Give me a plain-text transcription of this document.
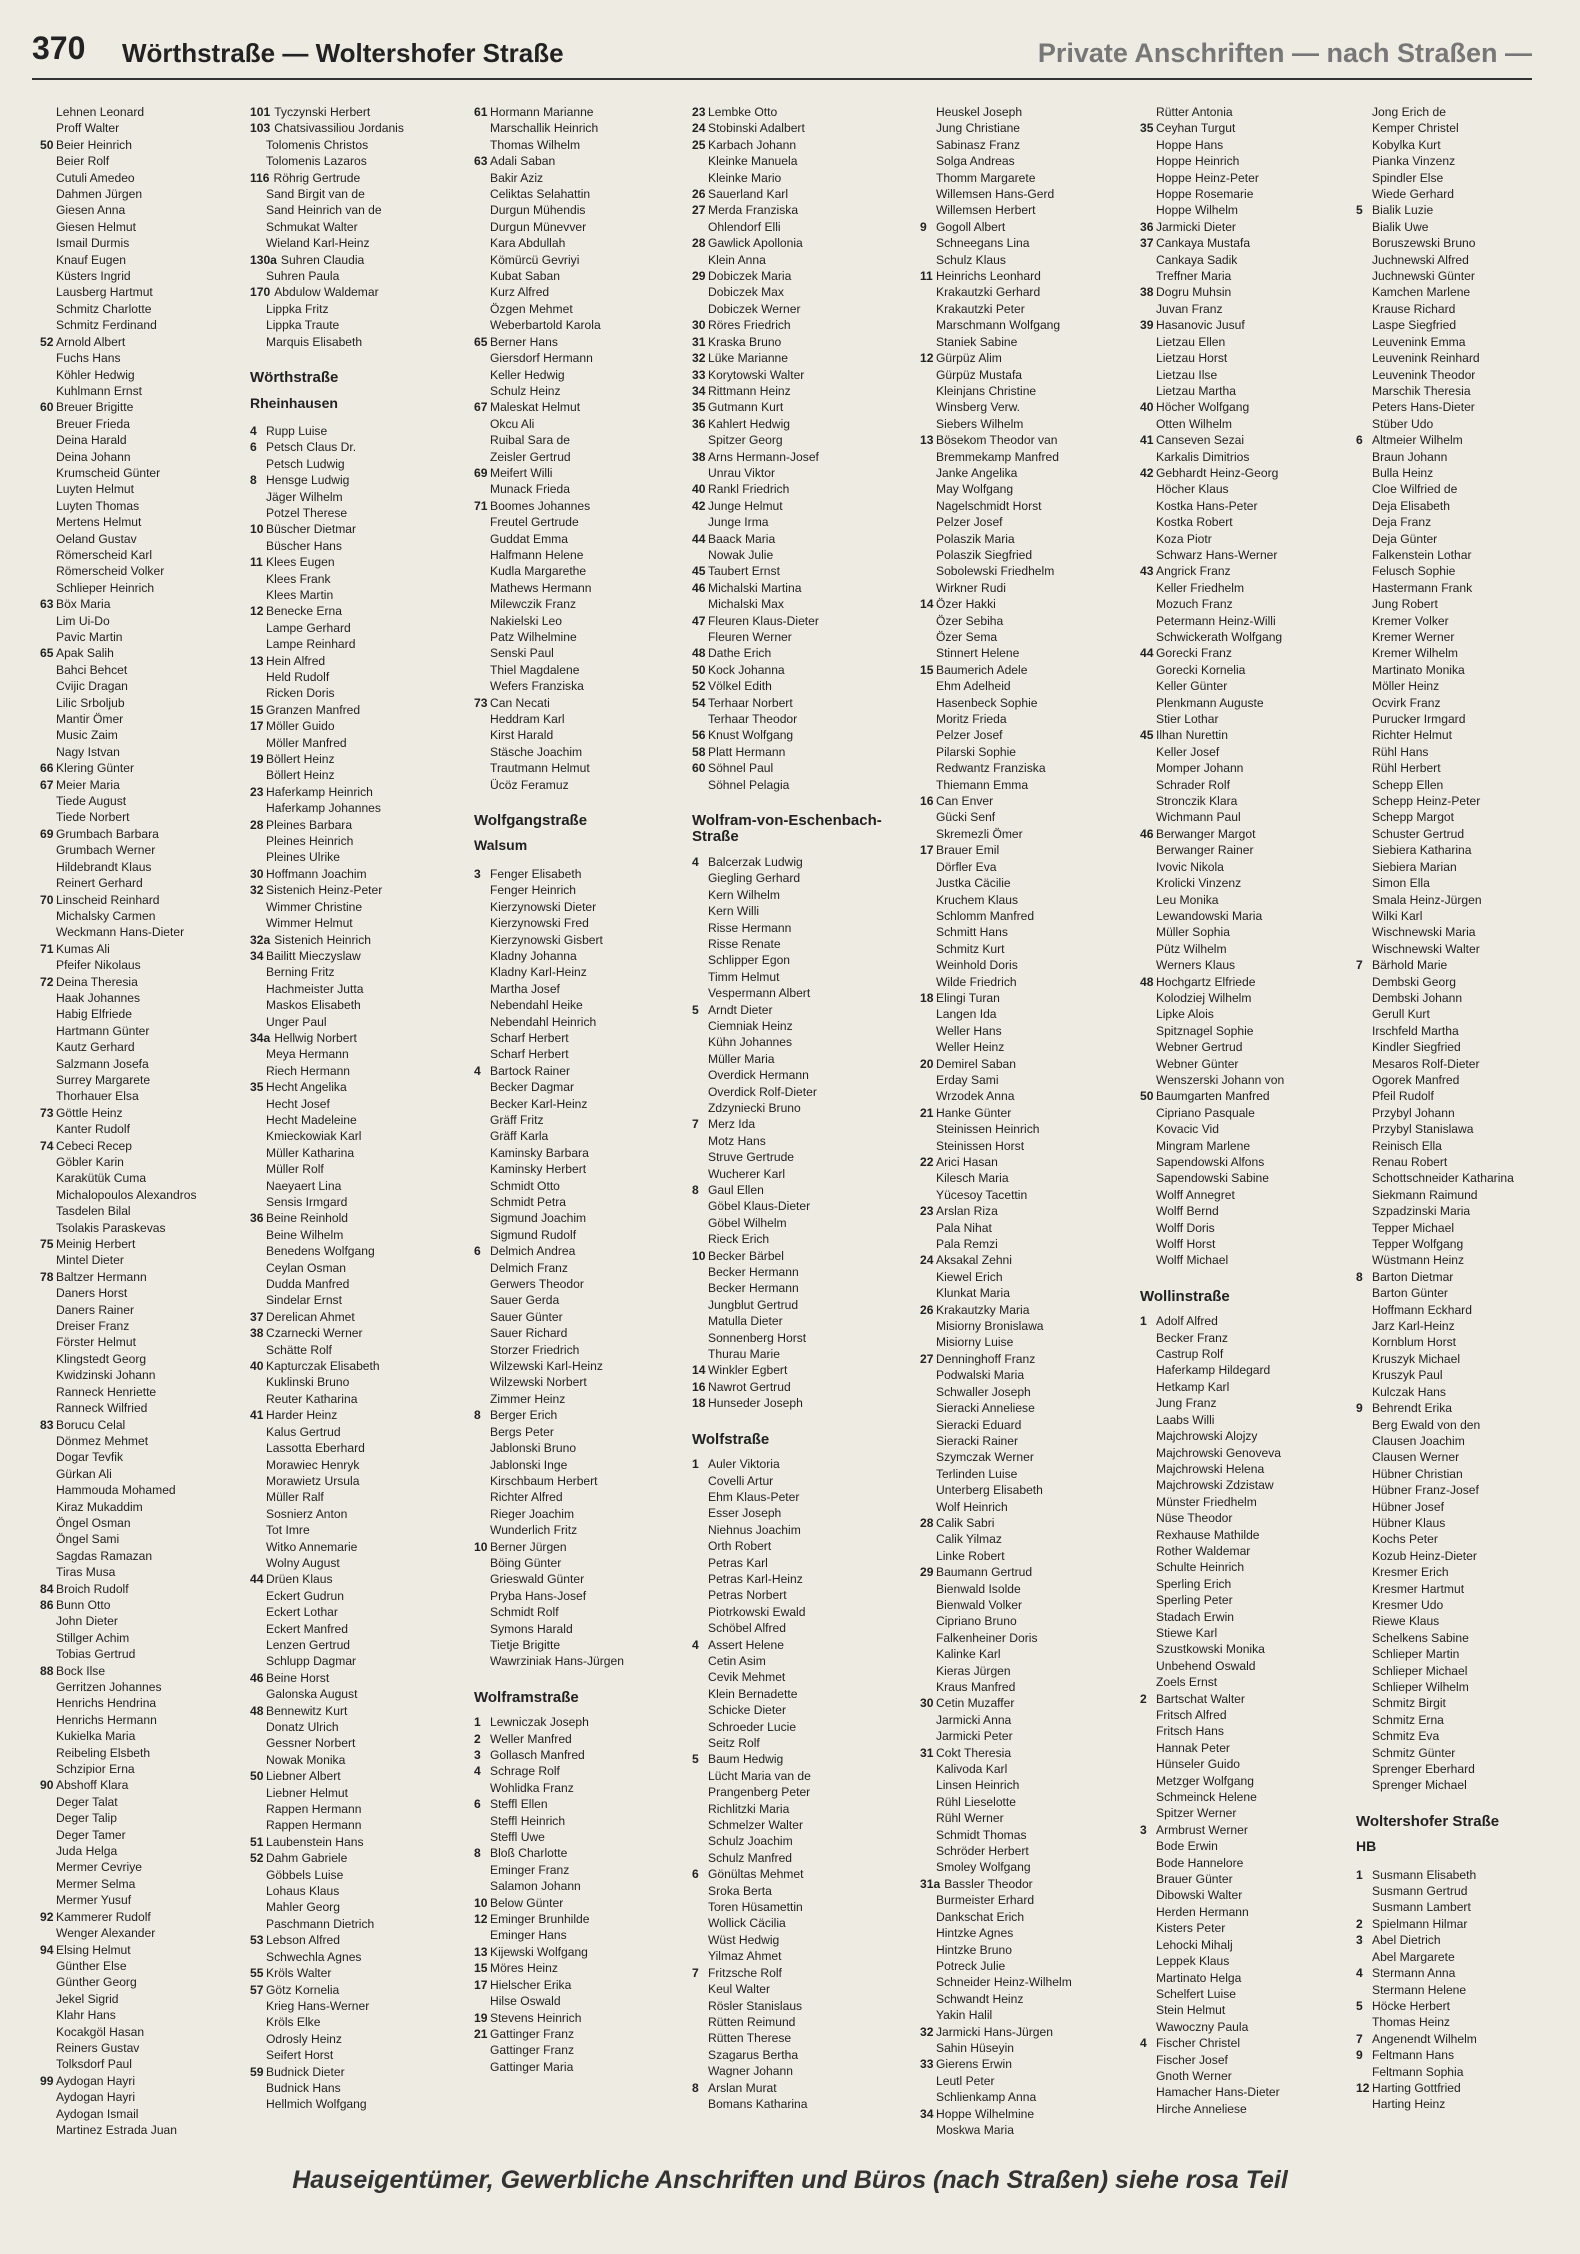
370 Wörthstraße — Woltershofer Straße	Private Anschriften — nach Straßen —
Lehnen Leonard
Proff Walter
50 Beier Heinrich
Beier Rolf
Cutuli Amedeo
Dahmen Jürgen
Giesen Anna
Giesen Helmut
Ismail Durmis
Knauf Eugen
Küsters Ingrid
Lausberg Hartmut
Schmitz Charlotte
Schmitz Ferdinand
52 Arnold Albert
Fuchs Hans
Köhler Hedwig
Kuhlmann Ernst
60 Breuer Brigitte
Breuer Frieda
Deina Harald
Deina Johann
Krumscheid Günter
Luyten Helmut
Luyten Thomas
Mertens Helmut
Oeland Gustav
Römerscheid Karl
Römerscheid Volker
Schlieper Heinrich
63 Böx Maria
Lim Ui-Do
Pavic Martin
65 Apak Salih
Bahci Behcet
Cvijic Dragan
Lilic Srboljub
Mantir Ömer
Music Zaim
Nagy Istvan
66 Klering Günter
67 Meier Maria
Tiede August
Tiede Norbert
69 Grumbach Barbara
Grumbach Werner
Hildebrandt Klaus
Reinert Gerhard
70 Linscheid Reinhard
Michalsky Carmen
Weckmann Hans-Dieter
71 Kumas Ali
Pfeifer Nikolaus
72 Deina Theresia
Haak Johannes
Habig Elfriede
Hartmann Günter
Kautz Gerhard
Salzmann Josefa
Surrey Margarete
Thorhauer Elsa
73 Göttle Heinz
Kanter Rudolf
74 Cebeci Recep
Göbler Karin
Karakütük Cuma
Michalopoulos Alexandros
Tasdelen Bilal
Tsolakis Paraskevas
75 Meinig Herbert
Mintel Dieter
78 Baltzer Hermann
Daners Horst
Daners Rainer
Dreiser Franz
Förster Helmut
Klingstedt Georg
Kwidzinski Johann
Ranneck Henriette
Ranneck Wilfried
83 Borucu Celal
Dönmez Mehmet
Dogar Tevfik
Gürkan Ali
Hammouda Mohamed
Kiraz Mukaddim
Öngel Osman
Öngel Sami
Sagdas Ramazan
Tiras Musa
84 Broich Rudolf
86 Bunn Otto
John Dieter
Stillger Achim
Tobias Gertrud
88 Bock Ilse
Gerritzen Johannes
Henrichs Hendrina
Henrichs Hermann
Kukielka Maria
Reibeling Elsbeth
Schzipior Erna
90 Abshoff Klara
Deger Talat
Deger Talip
Deger Tamer
Juda Helga
Mermer Cevriye
Mermer Selma
Mermer Yusuf
92 Kammerer Rudolf
Wenger Alexander
94 Elsing Helmut
Günther Else
Günther Georg
Jekel Sigrid
Klahr Hans
Kocakgöl Hasan
Reiners Gustav
Tolksdorf Paul
99 Aydogan Hayri
Aydogan Hayri
Aydogan Ismail
Martinez Estrada Juan
101 Tyczynski Herbert
103 Chatsivassiliou Jordanis
Tolomenis Christos
Tolomenis Lazaros
116 Röhrig Gertrude
Sand Birgit van de
Sand Heinrich van de
Schmukat Walter
Wieland Karl-Heinz
130a Suhren Claudia
Suhren Paula
170 Abdulow Waldemar
Lippka Fritz
Lippka Traute
Marquis Elisabeth
Wörthstraße
Rheinhausen
4 Rupp Luise
6 Petsch Claus Dr.
Petsch Ludwig
8 Hensge Ludwig
Jäger Wilhelm
Potzel Therese
10 Büscher Dietmar
Büscher Hans
11 Klees Eugen
Klees Frank
Klees Martin
12 Benecke Erna
Lampe Gerhard
Lampe Reinhard
13 Hein Alfred
Held Rudolf
Ricken Doris
15 Granzen Manfred
17 Möller Guido
Möller Manfred
19 Böllert Heinz
Böllert Heinz
23 Haferkamp Heinrich
Haferkamp Johannes
28 Pleines Barbara
Pleines Heinrich
Pleines Ulrike
30 Hoffmann Joachim
32 Sistenich Heinz-Peter
Wimmer Christine
Wimmer Helmut
32a Sistenich Heinrich
34 Bailitt Mieczyslaw
Berning Fritz
Hachmeister Jutta
Maskos Elisabeth
Unger Paul
34a Hellwig Norbert
Meya Hermann
Riech Hermann
35 Hecht Angelika
Hecht Josef
Hecht Madeleine
Kmieckowiak Karl
Müller Katharina
Müller Rolf
Naeyaert Lina
Sensis Irmgard
36 Beine Reinhold
Beine Wilhelm
Benedens Wolfgang
Ceylan Osman
Dudda Manfred
Sindelar Ernst
37 Derelican Ahmet
38 Czarnecki Werner
Schätte Rolf
40 Kapturczak Elisabeth
Kuklinski Bruno
Reuter Katharina
41 Harder Heinz
Kalus Gertrud
Lassotta Eberhard
Morawiec Henryk
Morawietz Ursula
Müller Ralf
Sosnierz Anton
Tot Imre
Witko Annemarie
Wolny August
44 Drüen Klaus
Eckert Gudrun
Eckert Lothar
Eckert Manfred
Lenzen Gertrud
Schlupp Dagmar
46 Beine Horst
Galonska August
48 Bennewitz Kurt
Donatz Ulrich
Gessner Norbert
Nowak Monika
50 Liebner Albert
Liebner Helmut
Rappen Hermann
Rappen Hermann
51 Laubenstein Hans
52 Dahm Gabriele
Göbbels Luise
Lohaus Klaus
Mahler Georg
Paschmann Dietrich
53 Lebson Alfred
Schwechla Agnes
55 Kröls Walter
57 Götz Kornelia
Krieg Hans-Werner
Kröls Elke
Odrosly Heinz
Seifert Horst
59 Budnick Dieter
Budnick Hans
Hellmich Wolfgang
61 Hormann Marianne
Marschallik Heinrich
Thomas Wilhelm
63 Adali Saban
Bakir Aziz
Celiktas Selahattin
Durgun Mühendis
Durgun Münevver
Kara Abdullah
Kömürcü Gevriyi
Kubat Saban
Kurz Alfred
Özgen Mehmet
Weberbartold Karola
65 Berner Hans
Giersdorf Hermann
Keller Hedwig
Schulz Heinz
67 Maleskat Helmut
Okcu Ali
Ruibal Sara de
Zeisler Gertrud
69 Meifert Willi
Munack Frieda
71 Boomes Johannes
Freutel Gertrude
Guddat Emma
Halfmann Helene
Kudla Margarethe
Mathews Hermann
Milewczik Franz
Nakielski Leo
Patz Wilhelmine
Senski Paul
Thiel Magdalene
Wefers Franziska
73 Can Necati
Heddram Karl
Kirst Harald
Stäsche Joachim
Trautmann Helmut
Ücöz Feramuz
Wolfgangstraße
Walsum
3 Fenger Elisabeth
Fenger Heinrich
Kierzynowski Dieter
Kierzynowski Fred
Kierzynowski Gisbert
Kladny Johanna
Kladny Karl-Heinz
Martha Josef
Nebendahl Heike
Nebendahl Heinrich
Scharf Herbert
Scharf Herbert
4 Bartock Rainer
Becker Dagmar
Becker Karl-Heinz
Gräff Fritz
Gräff Karla
Kaminsky Barbara
Kaminsky Herbert
Schmidt Otto
Schmidt Petra
Sigmund Joachim
Sigmund Rudolf
6 Delmich Andrea
Delmich Franz
Gerwers Theodor
Sauer Gerda
Sauer Günter
Sauer Richard
Storzer Friedrich
Wilzewski Karl-Heinz
Wilzewski Norbert
Zimmer Heinz
8 Berger Erich
Bergs Peter
Jablonski Bruno
Jablonski Inge
Kirschbaum Herbert
Richter Alfred
Rieger Joachim
Wunderlich Fritz
10 Berner Jürgen
Böing Günter
Grieswald Günter
Pryba Hans-Josef
Schmidt Rolf
Symons Harald
Tietje Brigitte
Wawrziniak Hans-Jürgen
Wolframstraße
1 Lewniczak Joseph
2 Weller Manfred
3 Gollasch Manfred
4 Schrage Rolf
Wohlidka Franz
6 Steffl Ellen
Steffl Heinrich
Steffl Uwe
8 Bloß Charlotte
Eminger Franz
Salamon Johann
10 Below Günter
12 Eminger Brunhilde
Eminger Hans
13 Kijewski Wolfgang
15 Möres Heinz
17 Hielscher Erika
Hilse Oswald
19 Stevens Heinrich
21 Gattinger Franz
Gattinger Franz
Gattinger Maria
23 Lembke Otto
24 Stobinski Adalbert
25 Karbach Johann
Kleinke Manuela
Kleinke Mario
26 Sauerland Karl
27 Merda Franziska
Ohlendorf Elli
28 Gawlick Apollonia
Klein Anna
29 Dobiczek Maria
Dobiczek Max
Dobiczek Werner
30 Röres Friedrich
31 Kraska Bruno
32 Lüke Marianne
33 Korytowski Walter
34 Rittmann Heinz
35 Gutmann Kurt
36 Kahlert Hedwig
Spitzer Georg
38 Arns Hermann-Josef
Unrau Viktor
40 Rankl Friedrich
42 Junge Helmut
Junge Irma
44 Baack Maria
Nowak Julie
45 Taubert Ernst
46 Michalski Martina
Michalski Max
47 Fleuren Klaus-Dieter
Fleuren Werner
48 Dathe Erich
50 Kock Johanna
52 Völkel Edith
54 Terhaar Norbert
Terhaar Theodor
56 Knust Wolfgang
58 Platt Hermann
60 Söhnel Paul
Söhnel Pelagia
Wolfram-von-Eschenbach-Straße
4 Balcerzak Ludwig
Giegling Gerhard
Kern Wilhelm
Kern Willi
Risse Hermann
Risse Renate
Schlipper Egon
Timm Helmut
Vespermann Albert
5 Arndt Dieter
Ciemniak Heinz
Kühn Johannes
Müller Maria
Overdick Hermann
Overdick Rolf-Dieter
Zdzyniecki Bruno
7 Merz Ida
Motz Hans
Struve Gertrude
Wucherer Karl
8 Gaul Ellen
Göbel Klaus-Dieter
Göbel Wilhelm
Rieck Erich
10 Becker Bärbel
Becker Hermann
Becker Hermann
Jungblut Gertrud
Matulla Dieter
Sonnenberg Horst
Thurau Marie
14 Winkler Egbert
16 Nawrot Gertrud
18 Hunseder Joseph
Wolfstraße
1 Auler Viktoria
Covelli Artur
Ehm Klaus-Peter
Esser Joseph
Niehnus Joachim
Orth Robert
Petras Karl
Petras Karl-Heinz
Petras Norbert
Piotrkowski Ewald
Schöbel Alfred
4 Assert Helene
Cetin Asim
Cevik Mehmet
Klein Bernadette
Schicke Dieter
Schroeder Lucie
Seitz Rolf
5 Baum Hedwig
Lücht Maria van de
Prangenberg Peter
Richlitzki Maria
Schmelzer Walter
Schulz Joachim
Schulz Manfred
6 Gönültas Mehmet
Sroka Berta
Toren Hüsamettin
Wollick Cäcilia
Wüst Hedwig
Yilmaz Ahmet
7 Fritzsche Rolf
Keul Walter
Rösler Stanislaus
Rütten Reimund
Rütten Therese
Szagarus Bertha
Wagner Johann
8 Arslan Murat
Bomans Katharina
Heuskel Joseph
Jung Christiane
Sabinasz Franz
Solga Andreas
Thomm Margarete
Willemsen Hans-Gerd
Willemsen Herbert
9 Gogoll Albert
Schneegans Lina
Schulz Klaus
11 Heinrichs Leonhard
Krakautzki Gerhard
Krakautzki Peter
Marschmann Wolfgang
Staniek Sabine
12 Gürpüz Alim
Gürpüz Mustafa
Kleinjans Christine
Winsberg Verw.
Siebers Wilhelm
13 Bösekom Theodor van
Bremmekamp Manfred
Janke Angelika
May Wolfgang
Nagelschmidt Horst
Pelzer Josef
Polaszik Maria
Polaszik Siegfried
Sobolewski Friedhelm
Wirkner Rudi
14 Özer Hakki
Özer Sebiha
Özer Sema
Stinnert Helene
15 Baumerich Adele
Ehm Adelheid
Hasenbeck Sophie
Moritz Frieda
Pelzer Josef
Pilarski Sophie
Redwantz Franziska
Thiemann Emma
16 Can Enver
Gücki Senf
Skremezli Ömer
17 Brauer Emil
Dörfler Eva
Justka Cäcilie
Kruchem Klaus
Schlomm Manfred
Schmitt Hans
Schmitz Kurt
Weinhold Doris
Wilde Friedrich
18 Elingi Turan
Langen Ida
Weller Hans
Weller Heinz
20 Demirel Saban
Erday Sami
Wrzodek Anna
21 Hanke Günter
Steinissen Heinrich
Steinissen Horst
22 Arici Hasan
Kilesch Maria
Yücesoy Tacettin
23 Arslan Riza
Pala Nihat
Pala Remzi
24 Aksakal Zehni
Kiewel Erich
Klunkat Maria
26 Krakautzky Maria
Misiorny Bronislawa
Misiorny Luise
27 Denninghoff Franz
Podwalski Maria
Schwaller Joseph
Sieracki Anneliese
Sieracki Eduard
Sieracki Rainer
Szymczak Werner
Terlinden Luise
Unterberg Elisabeth
Wolf Heinrich
28 Calik Sabri
Calik Yilmaz
Linke Robert
29 Baumann Gertrud
Bienwald Isolde
Bienwald Volker
Cipriano Bruno
Falkenheiner Doris
Kalinke Karl
Kieras Jürgen
Kraus Manfred
30 Cetin Muzaffer
Jarmicki Anna
Jarmicki Peter
31 Cokt Theresia
Kalivoda Karl
Linsen Heinrich
Rühl Lieselotte
Rühl Werner
Schmidt Thomas
Schröder Herbert
Smoley Wolfgang
31a Bassler Theodor
Burmeister Erhard
Dankschat Erich
Hintzke Agnes
Hintzke Bruno
Potreck Julie
Schneider Heinz-Wilhelm
Schwandt Heinz
Yakin Halil
32 Jarmicki Hans-Jürgen
Sahin Hüseyin
33 Gierens Erwin
Leutl Peter
Schlienkamp Anna
34 Hoppe Wilhelmine
Moskwa Maria
Rütter Antonia
35 Ceyhan Turgut
Hoppe Hans
Hoppe Heinrich
Hoppe Heinz-Peter
Hoppe Rosemarie
Hoppe Wilhelm
36 Jarmicki Dieter
37 Cankaya Mustafa
Cankaya Sadik
Treffner Maria
38 Dogru Muhsin
Juvan Franz
39 Hasanovic Jusuf
Lietzau Ellen
Lietzau Horst
Lietzau Ilse
Lietzau Martha
40 Höcher Wolfgang
Otten Wilhelm
41 Canseven Sezai
Karkalis Dimitrios
42 Gebhardt Heinz-Georg
Höcher Klaus
Kostka Hans-Peter
Kostka Robert
Koza Piotr
Schwarz Hans-Werner
43 Angrick Franz
Keller Friedhelm
Mozuch Franz
Petermann Heinz-Willi
Schwickerath Wolfgang
44 Gorecki Franz
Gorecki Kornelia
Keller Günter
Plenkmann Auguste
Stier Lothar
45 Ilhan Nurettin
Keller Josef
Momper Johann
Schrader Rolf
Stronczik Klara
Wichmann Paul
46 Berwanger Margot
Berwanger Rainer
Ivovic Nikola
Krolicki Vinzenz
Leu Monika
Lewandowski Maria
Müller Sophia
Pütz Wilhelm
Werners Klaus
48 Hochgartz Elfriede
Kolodziej Wilhelm
Lipke Alois
Spitznagel Sophie
Webner Gertrud
Webner Günter
Wenszerski Johann von
50 Baumgarten Manfred
Cipriano Pasquale
Kovacic Vid
Mingram Marlene
Sapendowski Alfons
Sapendowski Sabine
Wolff Annegret
Wolff Bernd
Wolff Doris
Wolff Horst
Wolff Michael
Wollinstraße
1 Adolf Alfred
Becker Franz
Castrup Rolf
Haferkamp Hildegard
Hetkamp Karl
Jung Franz
Laabs Willi
Majchrowski Alojzy
Majchrowski Genoveva
Majchrowski Helena
Majchrowski Zdzistaw
Münster Friedhelm
Nüse Theodor
Rexhause Mathilde
Rother Waldemar
Schulte Heinrich
Sperling Erich
Sperling Peter
Stadach Erwin
Stiewe Karl
Szustkowski Monika
Unbehend Oswald
Zoels Ernst
2 Bartschat Walter
Fritsch Alfred
Fritsch Hans
Hannak Peter
Hünseler Guido
Metzger Wolfgang
Schmeinck Helene
Spitzer Werner
3 Armbrust Werner
Bode Erwin
Bode Hannelore
Brauer Günter
Dibowski Walter
Herden Hermann
Kisters Peter
Lehocki Mihalj
Leppek Klaus
Martinato Helga
Schelfert Luise
Stein Helmut
Wawoczny Paula
4 Fischer Christel
Fischer Josef
Gnoth Werner
Hamacher Hans-Dieter
Hirche Anneliese
Jong Erich de
Kemper Christel
Kobylka Kurt
Pianka Vinzenz
Spindler Else
Wiede Gerhard
5 Bialik Luzie
Bialik Uwe
Boruszewski Bruno
Juchnewski Alfred
Juchnewski Günter
Kamchen Marlene
Krause Richard
Laspe Siegfried
Leuvenink Emma
Leuvenink Reinhard
Leuvenink Theodor
Marschik Theresia
Peters Hans-Dieter
Stüber Udo
6 Altmeier Wilhelm
Braun Johann
Bulla Heinz
Cloe Wilfried de
Deja Elisabeth
Deja Franz
Deja Günter
Falkenstein Lothar
Felusch Sophie
Hastermann Frank
Jung Robert
Kremer Volker
Kremer Werner
Kremer Wilhelm
Martinato Monika
Möller Heinz
Ocvirk Franz
Purucker Irmgard
Richter Helmut
Rühl Hans
Rühl Herbert
Schepp Ellen
Schepp Heinz-Peter
Schepp Margot
Schuster Gertrud
Siebiera Katharina
Siebiera Marian
Simon Ella
Smala Heinz-Jürgen
Wilki Karl
Wischnewski Maria
Wischnewski Walter
7 Bärhold Marie
Dembski Georg
Dembski Johann
Gerull Kurt
Irschfeld Martha
Kindler Siegfried
Mesaros Rolf-Dieter
Ogorek Manfred
Pfeil Rudolf
Przybyl Johann
Przybyl Stanislawa
Reinisch Ella
Renau Robert
Schottschneider Katharina
Siekmann Raimund
Szpadzinski Maria
Tepper Michael
Tepper Wolfgang
Wüstmann Heinz
8 Barton Dietmar
Barton Günter
Hoffmann Eckhard
Jarz Karl-Heinz
Kornblum Horst
Kruszyk Michael
Kruszyk Paul
Kulczak Hans
9 Behrendt Erika
Berg Ewald von den
Clausen Joachim
Clausen Werner
Hübner Christian
Hübner Franz-Josef
Hübner Josef
Hübner Klaus
Kochs Peter
Kozub Heinz-Dieter
Kresmer Erich
Kresmer Hartmut
Kresmer Udo
Riewe Klaus
Schelkens Sabine
Schlieper Martin
Schlieper Michael
Schlieper Wilhelm
Schmitz Birgit
Schmitz Erna
Schmitz Eva
Schmitz Günter
Sprenger Eberhard
Sprenger Michael
Woltershofer Straße
HB
1 Susmann Elisabeth
Susmann Gertrud
Susmann Lambert
2 Spielmann Hilmar
3 Abel Dietrich
Abel Margarete
4 Stermann Anna
Stermann Helene
5 Höcke Herbert
Thomas Heinz
7 Angenendt Wilhelm
9 Feltmann Hans
Feltmann Sophia
12 Harting Gottfried
Harting Heinz
Hauseigentümer, Gewerbliche Anschriften und Büros (nach Straßen) siehe rosa Teil
